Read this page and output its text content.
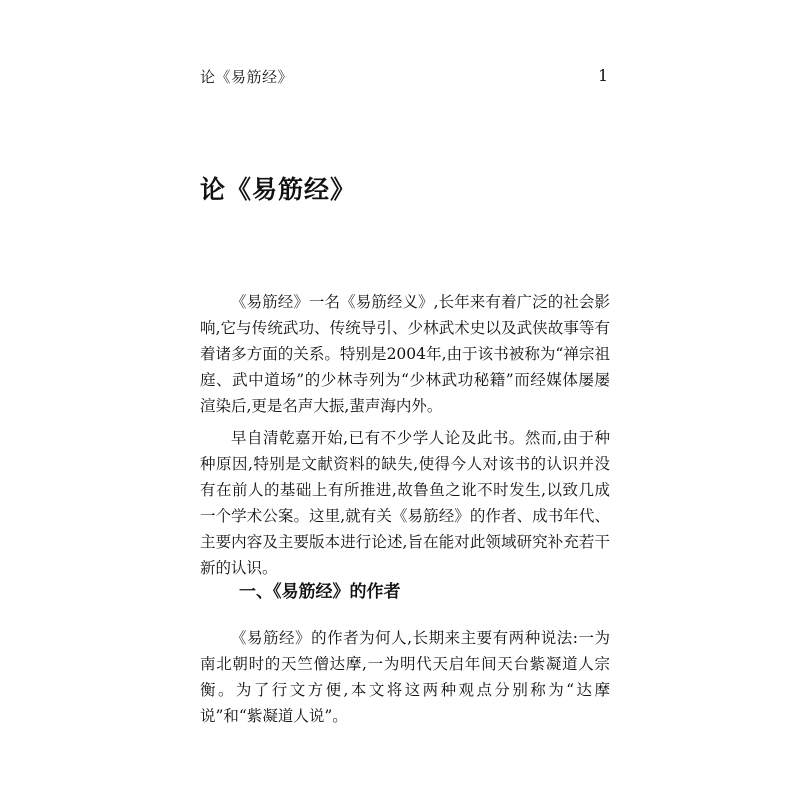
论《易筋经》	1
论《易筋经》

《易筋经》一名《易筋经义》,长年来有着广泛的社会影响,它与传统武功、传统导引、少林武术史以及武侠故事等有着诸多方面的关系。特别是2004年,由于该书被称为“禅宗祖庭、武中道场”的少林寺列为“少林武功秘籍”而经媒体屡屡渲染后,更是名声大振,蜚声海内外。

早自清乾嘉开始,已有不少学人论及此书。然而,由于种种原因,特别是文献资料的缺失,使得今人对该书的认识并没有在前人的基础上有所推进,故鲁鱼之讹不时发生,以致几成一个学术公案。这里,就有关《易筋经》的作者、成书年代、主要内容及主要版本进行论述,旨在能对此领域研究补充若干新的认识。

一、《易筋经》的作者

《易筋经》的作者为何人,长期来主要有两种说法:一为南北朝时的天竺僧达摩,一为明代天启年间天台紫凝道人宗衡。为了行文方便,本文将这两种观点分别称为“达摩说”和“紫凝道人说”。
